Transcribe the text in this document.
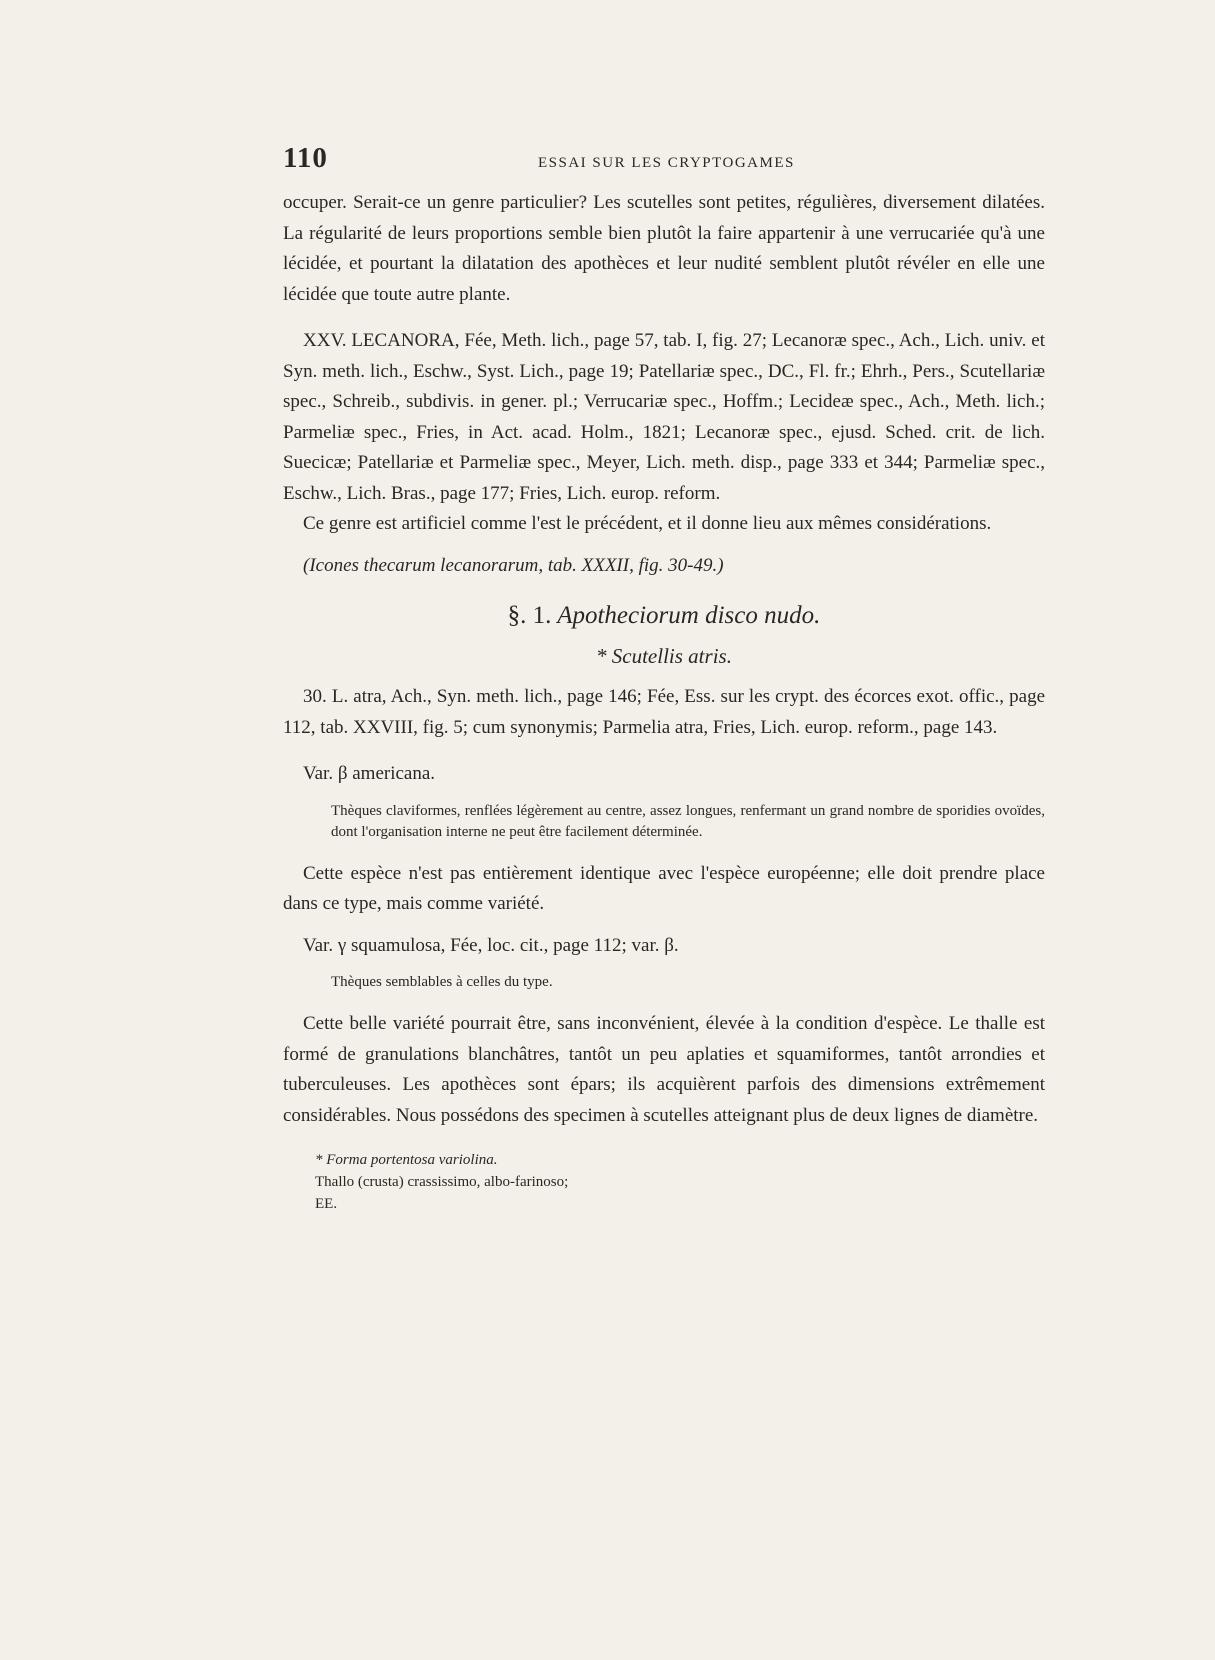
110	ESSAI SUR LES CRYPTOGAMES

occuper. Serait-ce un genre particulier? Les scutelles sont petites, régulières, diversement dilatées. La régularité de leurs proportions semble bien plutôt la faire appartenir à une verrucariée qu'à une lécidée, et pourtant la dilatation des apothèces et leur nudité semblent plutôt révéler en elle une lécidée que toute autre plante.

XXV. LECANORA, Fée, Meth. lich., page 57, tab. I, fig. 27; Lecanoræ spec., Ach., Lich. univ. et Syn. meth. lich., Eschw., Syst. Lich., page 19; Patellariæ spec., DC., Fl. fr.; Ehrh., Pers., Scutellariæ spec., Schreib., subdivis. in gener. pl.; Verrucariæ spec., Hoffm.; Lecideæ spec., Ach., Meth. lich.; Parmeliæ spec., Fries, in Act. acad. Holm., 1821; Lecanoræ spec., ejusd. Sched. crit. de lich. Suecicæ; Patellariæ et Parmeliæ spec., Meyer, Lich. meth. disp., page 333 et 344; Parmeliæ spec., Eschw., Lich. Bras., page 177; Fries, Lich. europ. reform.

Ce genre est artificiel comme l'est le précédent, et il donne lieu aux mêmes considérations.

(Icones thecarum lecanorarum, tab. XXXII, fig. 30-49.)

§. 1. Apotheciorum disco nudo.
* Scutellis atris.

30. L. atra, Ach., Syn. meth. lich., page 146; Fée, Ess. sur les crypt. des écorces exot. offic., page 112, tab. XXVIII, fig. 5; cum synonymis; Parmelia atra, Fries, Lich. europ. reform., page 143.

Var. β americana.

Thèques claviformes, renflées légèrement au centre, assez longues, renfermant un grand nombre de sporidies ovoïdes, dont l'organisation interne ne peut être facilement déterminée.

Cette espèce n'est pas entièrement identique avec l'espèce européenne; elle doit prendre place dans ce type, mais comme variété.

Var. γ squamulosa, Fée, loc. cit., page 112; var. β.

Thèques semblables à celles du type.

Cette belle variété pourrait être, sans inconvénient, élevée à la condition d'espèce. Le thalle est formé de granulations blanchâtres, tantôt un peu aplaties et squamiformes, tantôt arrondies et tuberculeuses. Les apothèces sont épars; ils acquièrent parfois des dimensions extrêmement considérables. Nous possédons des specimen à scutelles atteignant plus de deux lignes de diamètre.

* Forma portentosa variolina.
Thallo (crusta) crassissimo, albo-farinoso;
EE.
